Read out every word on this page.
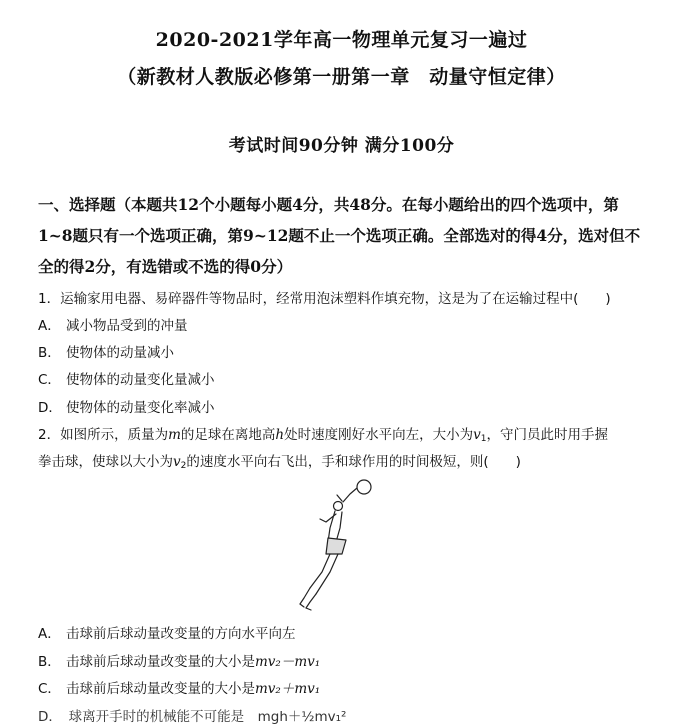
2020-2021学年高一物理单元复习一遍过
（新教材人教版必修第一册第一章　动量守恒定律）
考试时间90分钟 满分100分
一、选择题（本题共12个小题每小题4分，共48分。在每小题给出的四个选项中，第1~8题只有一个选项正确，第9~12题不止一个选项正确。全部选对的得4分，选对但不全的得2分，有选错或不选的得0分）
1．运输家用电器、易碎器件等物品时，经常用泡沫塑料作填充物，这是为了在运输过程中(　　)
A． 减小物品受到的冲量
B． 使物体的动量减小
C． 使物体的动量变化量减小
D． 使物体的动量变化率减小
2．如图所示，质量为m的足球在离地高h处时速度刚好水平向左，大小为$v_1$，守门员此时用手握
拳击球，使球以大小为$v_2$的速度水平向右飞出，手和球作用的时间极短，则(　　)
A． 击球前后球动量改变量的方向水平向左
B． 击球前后球动量改变量的大小是mv₂－mv₁
C． 击球前后球动量改变量的大小是mv₂＋mv₁
D．　球离开手时的机械能不可能是　mgh＋½mv₁²
